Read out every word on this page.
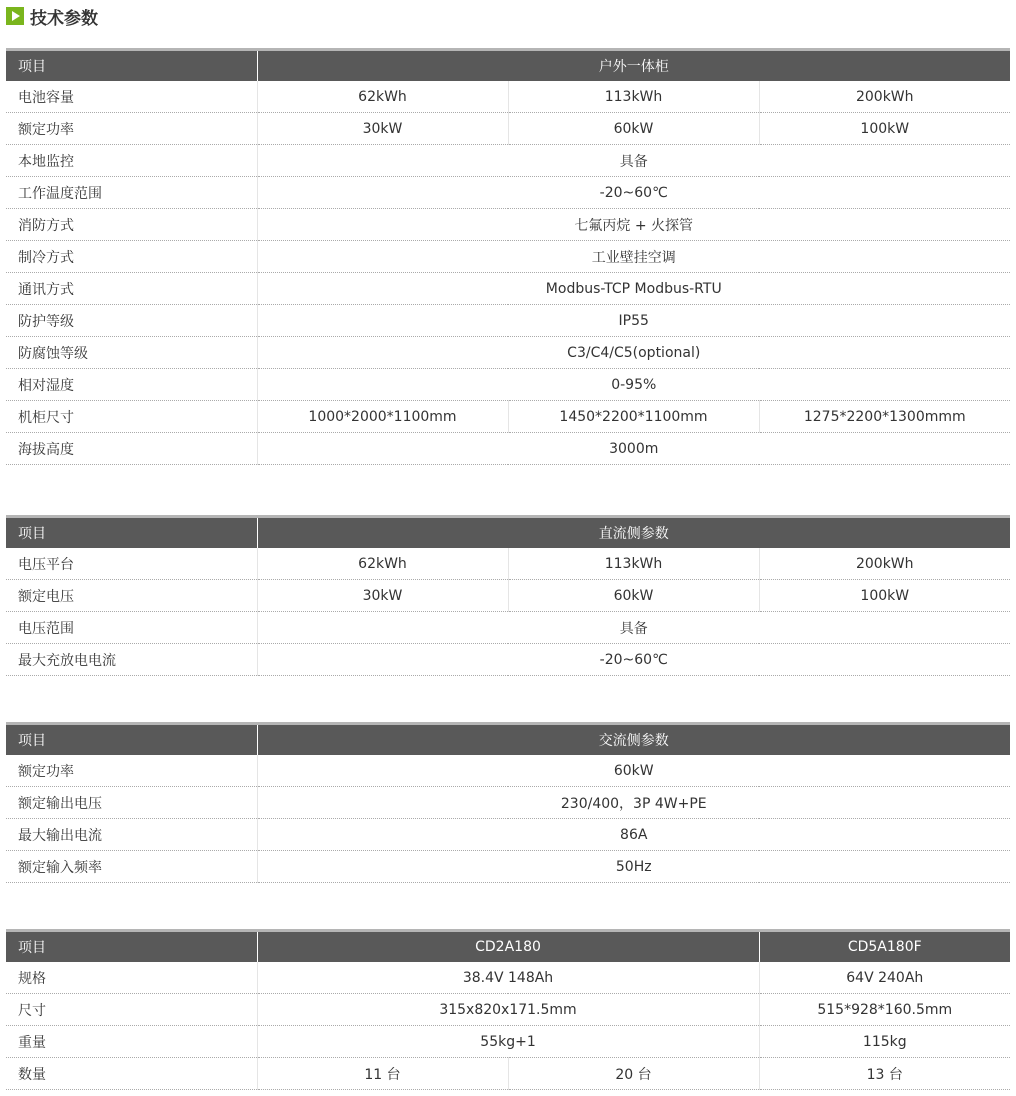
技术参数
项目	户外一体柜		
电池容量	62kWh	113kWh	200kWh
额定功率	30kW	60kW	100kW
本地监控	具备		
工作温度范围	-20~60℃		
消防方式	七氟丙烷 + 火探管		
制冷方式	工业壁挂空调		
通讯方式	Modbus-TCP Modbus-RTU		
防护等级	IP55		
防腐蚀等级	C3/C4/C5(optional)		
相对湿度	0-95%		
机柜尺寸	1000*2000*1100mm	1450*2200*1100mm	1275*2200*1300mmm
海拔高度	3000m		
项目	直流侧参数		
电压平台	62kWh	113kWh	200kWh
额定电压	30kW	60kW	100kW
电压范围	具备		
最大充放电电流	-20~60℃		
项目	交流侧参数
额定功率	60kW
额定输出电压	230/400，3P 4W+PE
最大输出电流	86A
额定输入频率	50Hz
项目	CD2A180		CD5A180F
规格	38.4V 148Ah		64V 240Ah
尺寸	315x820x171.5mm		515*928*160.5mm
重量	55kg+1		115kg
数量	11 台	20 台	13 台
